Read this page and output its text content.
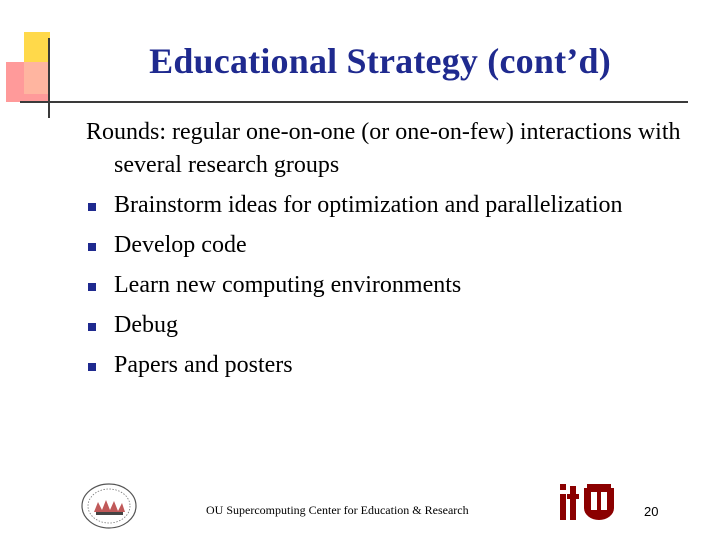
Educational Strategy (cont’d)
Rounds: regular one-on-one (or one-on-few) interactions with several research groups
Brainstorm ideas for optimization and parallelization
Develop code
Learn new computing environments
Debug
Papers and posters
OU Supercomputing Center for Education & Research	20
